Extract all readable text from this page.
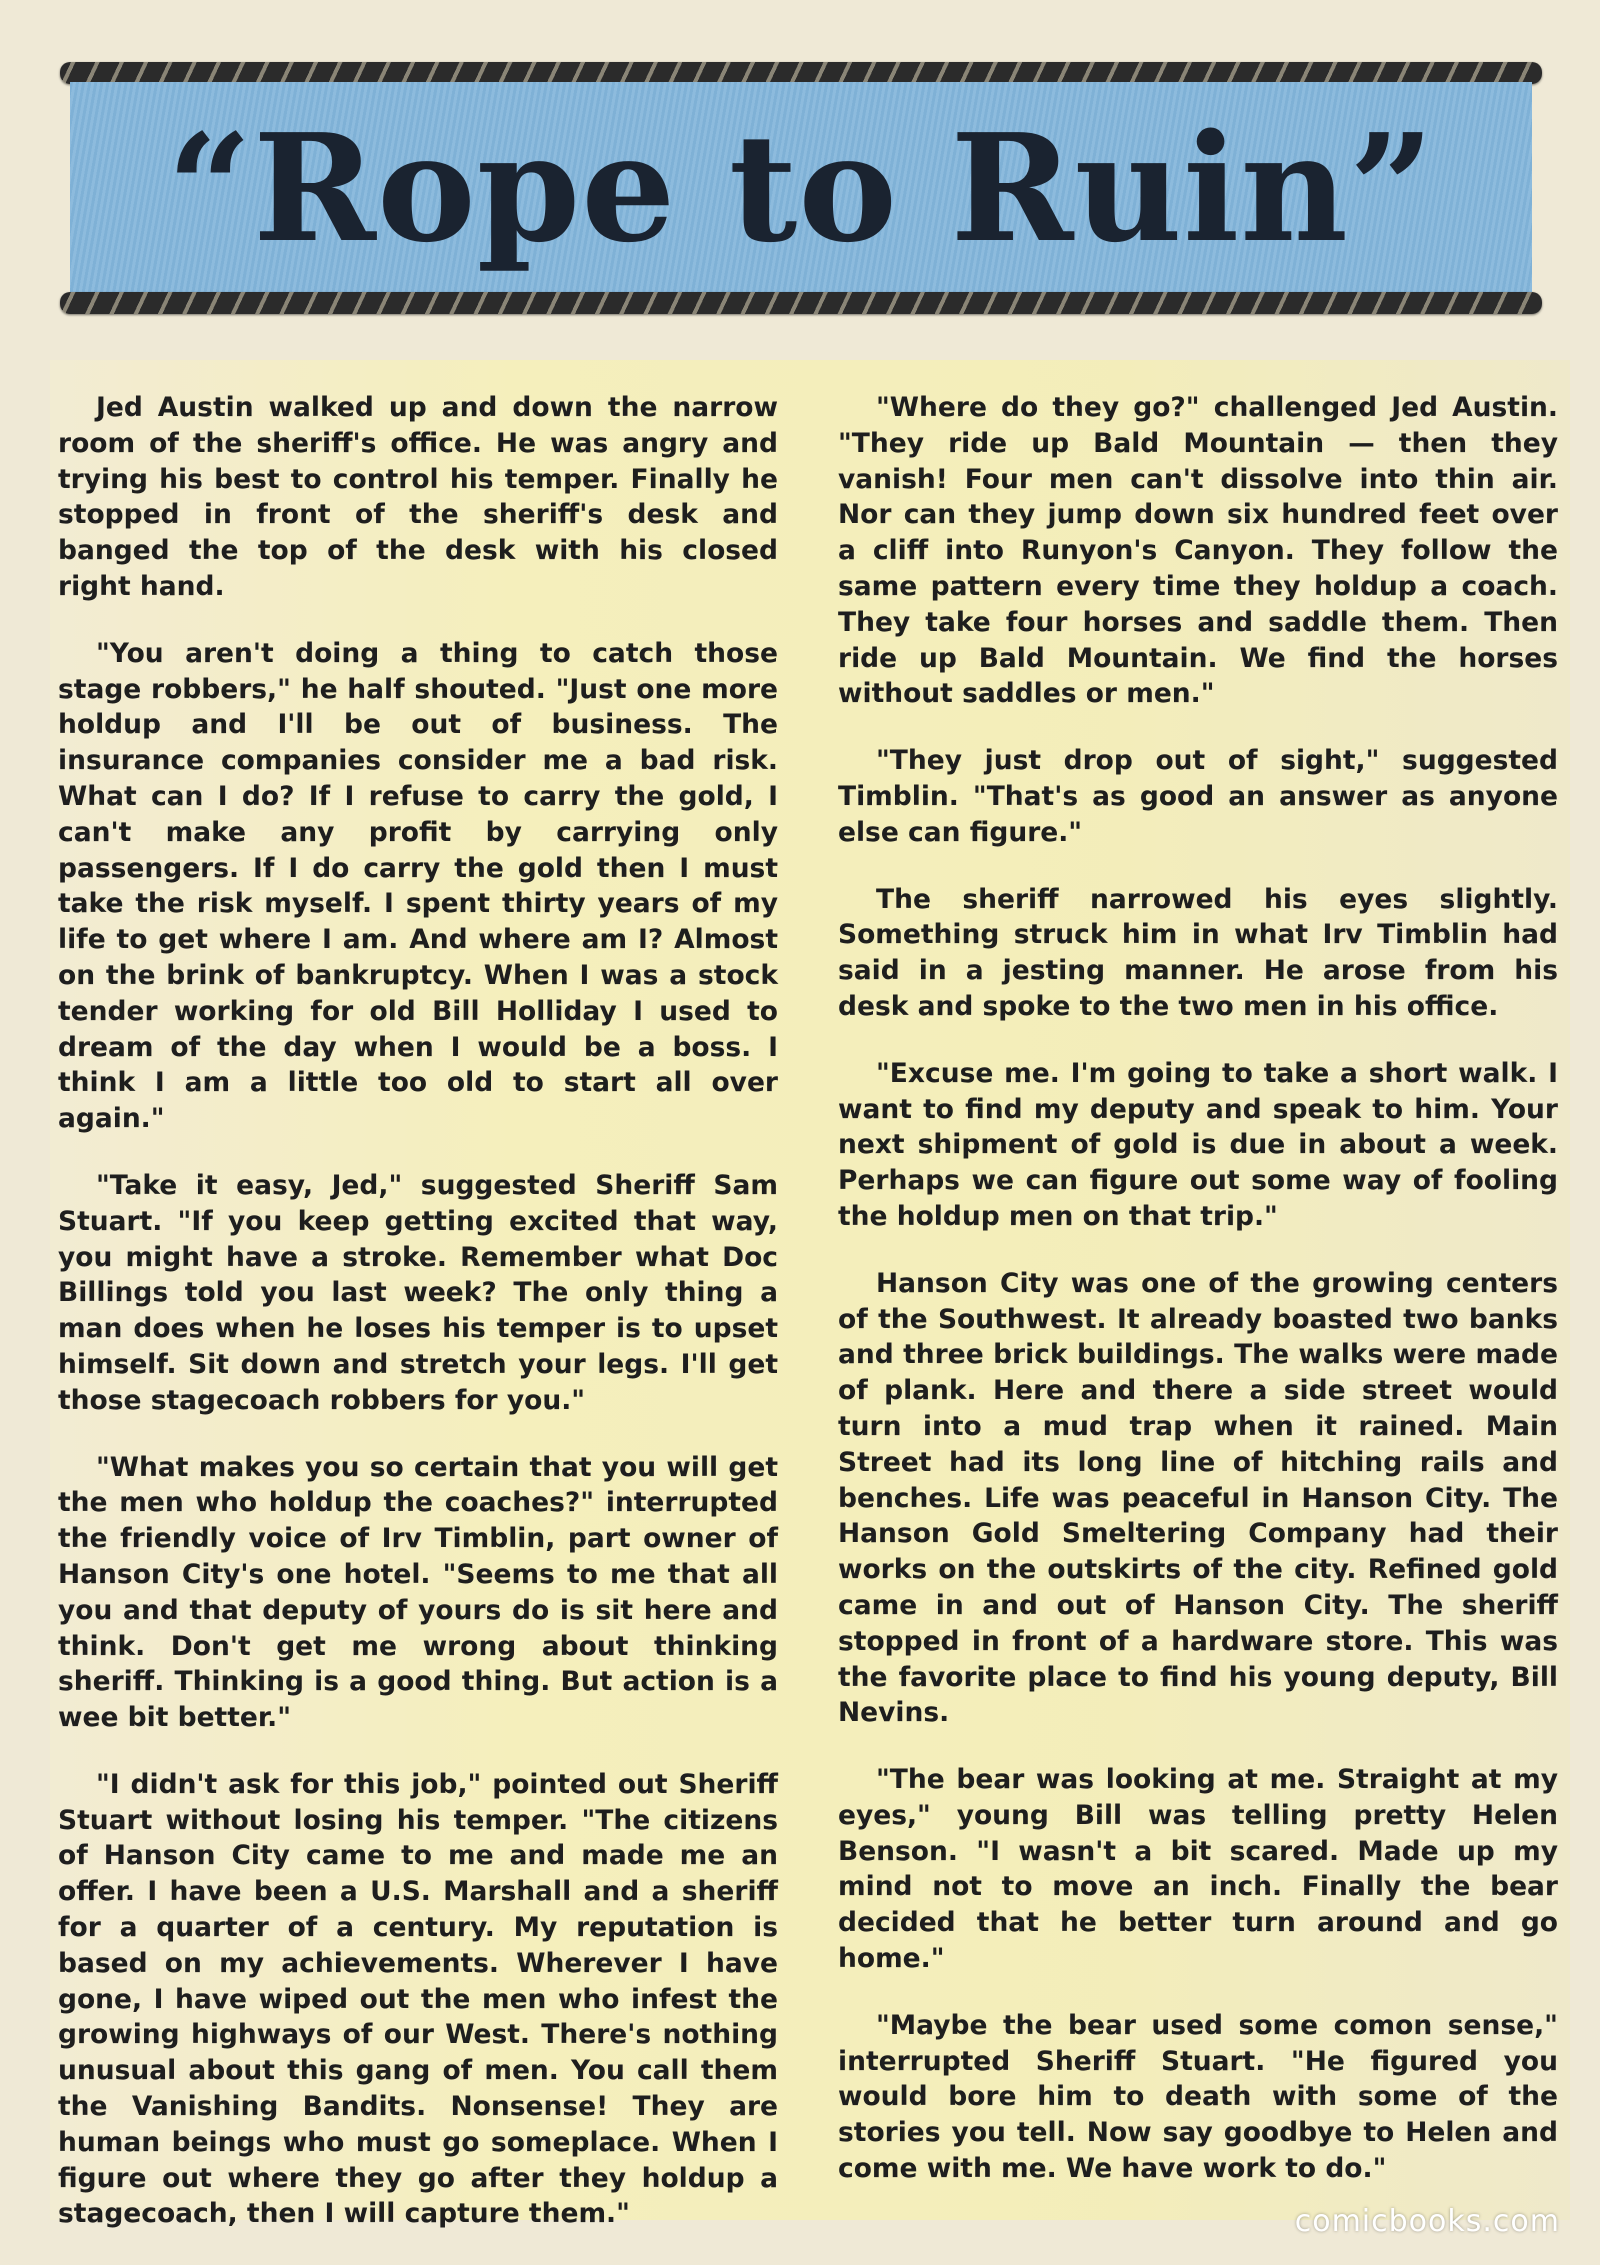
“Rope to Ruin”

Jed Austin walked up and down the narrow room of the sheriff's office. He was angry and trying his best to control his temper. Finally he stopped in front of the sheriff's desk and banged the top of the desk with his closed right hand.

"You aren't doing a thing to catch those stage robbers," he half shouted. "Just one more holdup and I'll be out of business. The insurance companies consider me a bad risk. What can I do? If I refuse to carry the gold, I can't make any profit by carrying only passengers. If I do carry the gold then I must take the risk myself. I spent thirty years of my life to get where I am. And where am I? Almost on the brink of bankruptcy. When I was a stock tender working for old Bill Holliday I used to dream of the day when I would be a boss. I think I am a little too old to start all over again."

"Take it easy, Jed," suggested Sheriff Sam Stuart. "If you keep getting excited that way, you might have a stroke. Remember what Doc Billings told you last week? The only thing a man does when he loses his temper is to upset himself. Sit down and stretch your legs. I'll get those stagecoach robbers for you."

"What makes you so certain that you will get the men who holdup the coaches?" interrupted the friendly voice of Irv Timblin, part owner of Hanson City's one hotel. "Seems to me that all you and that deputy of yours do is sit here and think. Don't get me wrong about thinking sheriff. Thinking is a good thing. But action is a wee bit better."

"I didn't ask for this job," pointed out Sheriff Stuart without losing his temper. "The citizens of Hanson City came to me and made me an offer. I have been a U.S. Marshall and a sheriff for a quarter of a century. My reputation is based on my achievements. Wherever I have gone, I have wiped out the men who infest the growing highways of our West. There's nothing unusual about this gang of men. You call them the Vanishing Bandits. Nonsense! They are human beings who must go someplace. When I figure out where they go after they holdup a stagecoach, then I will capture them."

"Where do they go?" challenged Jed Austin. "They ride up Bald Mountain — then they vanish! Four men can't dissolve into thin air. Nor can they jump down six hundred feet over a cliff into Runyon's Canyon. They follow the same pattern every time they holdup a coach. They take four horses and saddle them. Then ride up Bald Mountain. We find the horses without saddles or men."

"They just drop out of sight," suggested Timblin. "That's as good an answer as anyone else can figure."

The sheriff narrowed his eyes slightly. Something struck him in what Irv Timblin had said in a jesting manner. He arose from his desk and spoke to the two men in his office.

"Excuse me. I'm going to take a short walk. I want to find my deputy and speak to him. Your next shipment of gold is due in about a week. Perhaps we can figure out some way of fooling the holdup men on that trip."

Hanson City was one of the growing centers of the Southwest. It already boasted two banks and three brick buildings. The walks were made of plank. Here and there a side street would turn into a mud trap when it rained. Main Street had its long line of hitching rails and benches. Life was peaceful in Hanson City. The Hanson Gold Smeltering Company had their works on the outskirts of the city. Refined gold came in and out of Hanson City. The sheriff stopped in front of a hardware store. This was the favorite place to find his young deputy, Bill Nevins.

"The bear was looking at me. Straight at my eyes," young Bill was telling pretty Helen Benson. "I wasn't a bit scared. Made up my mind not to move an inch. Finally the bear decided that he better turn around and go home."

"Maybe the bear used some comon sense," interrupted Sheriff Stuart. "He figured you would bore him to death with some of the stories you tell. Now say goodbye to Helen and come with me. We have work to do."

comicbooks.com
